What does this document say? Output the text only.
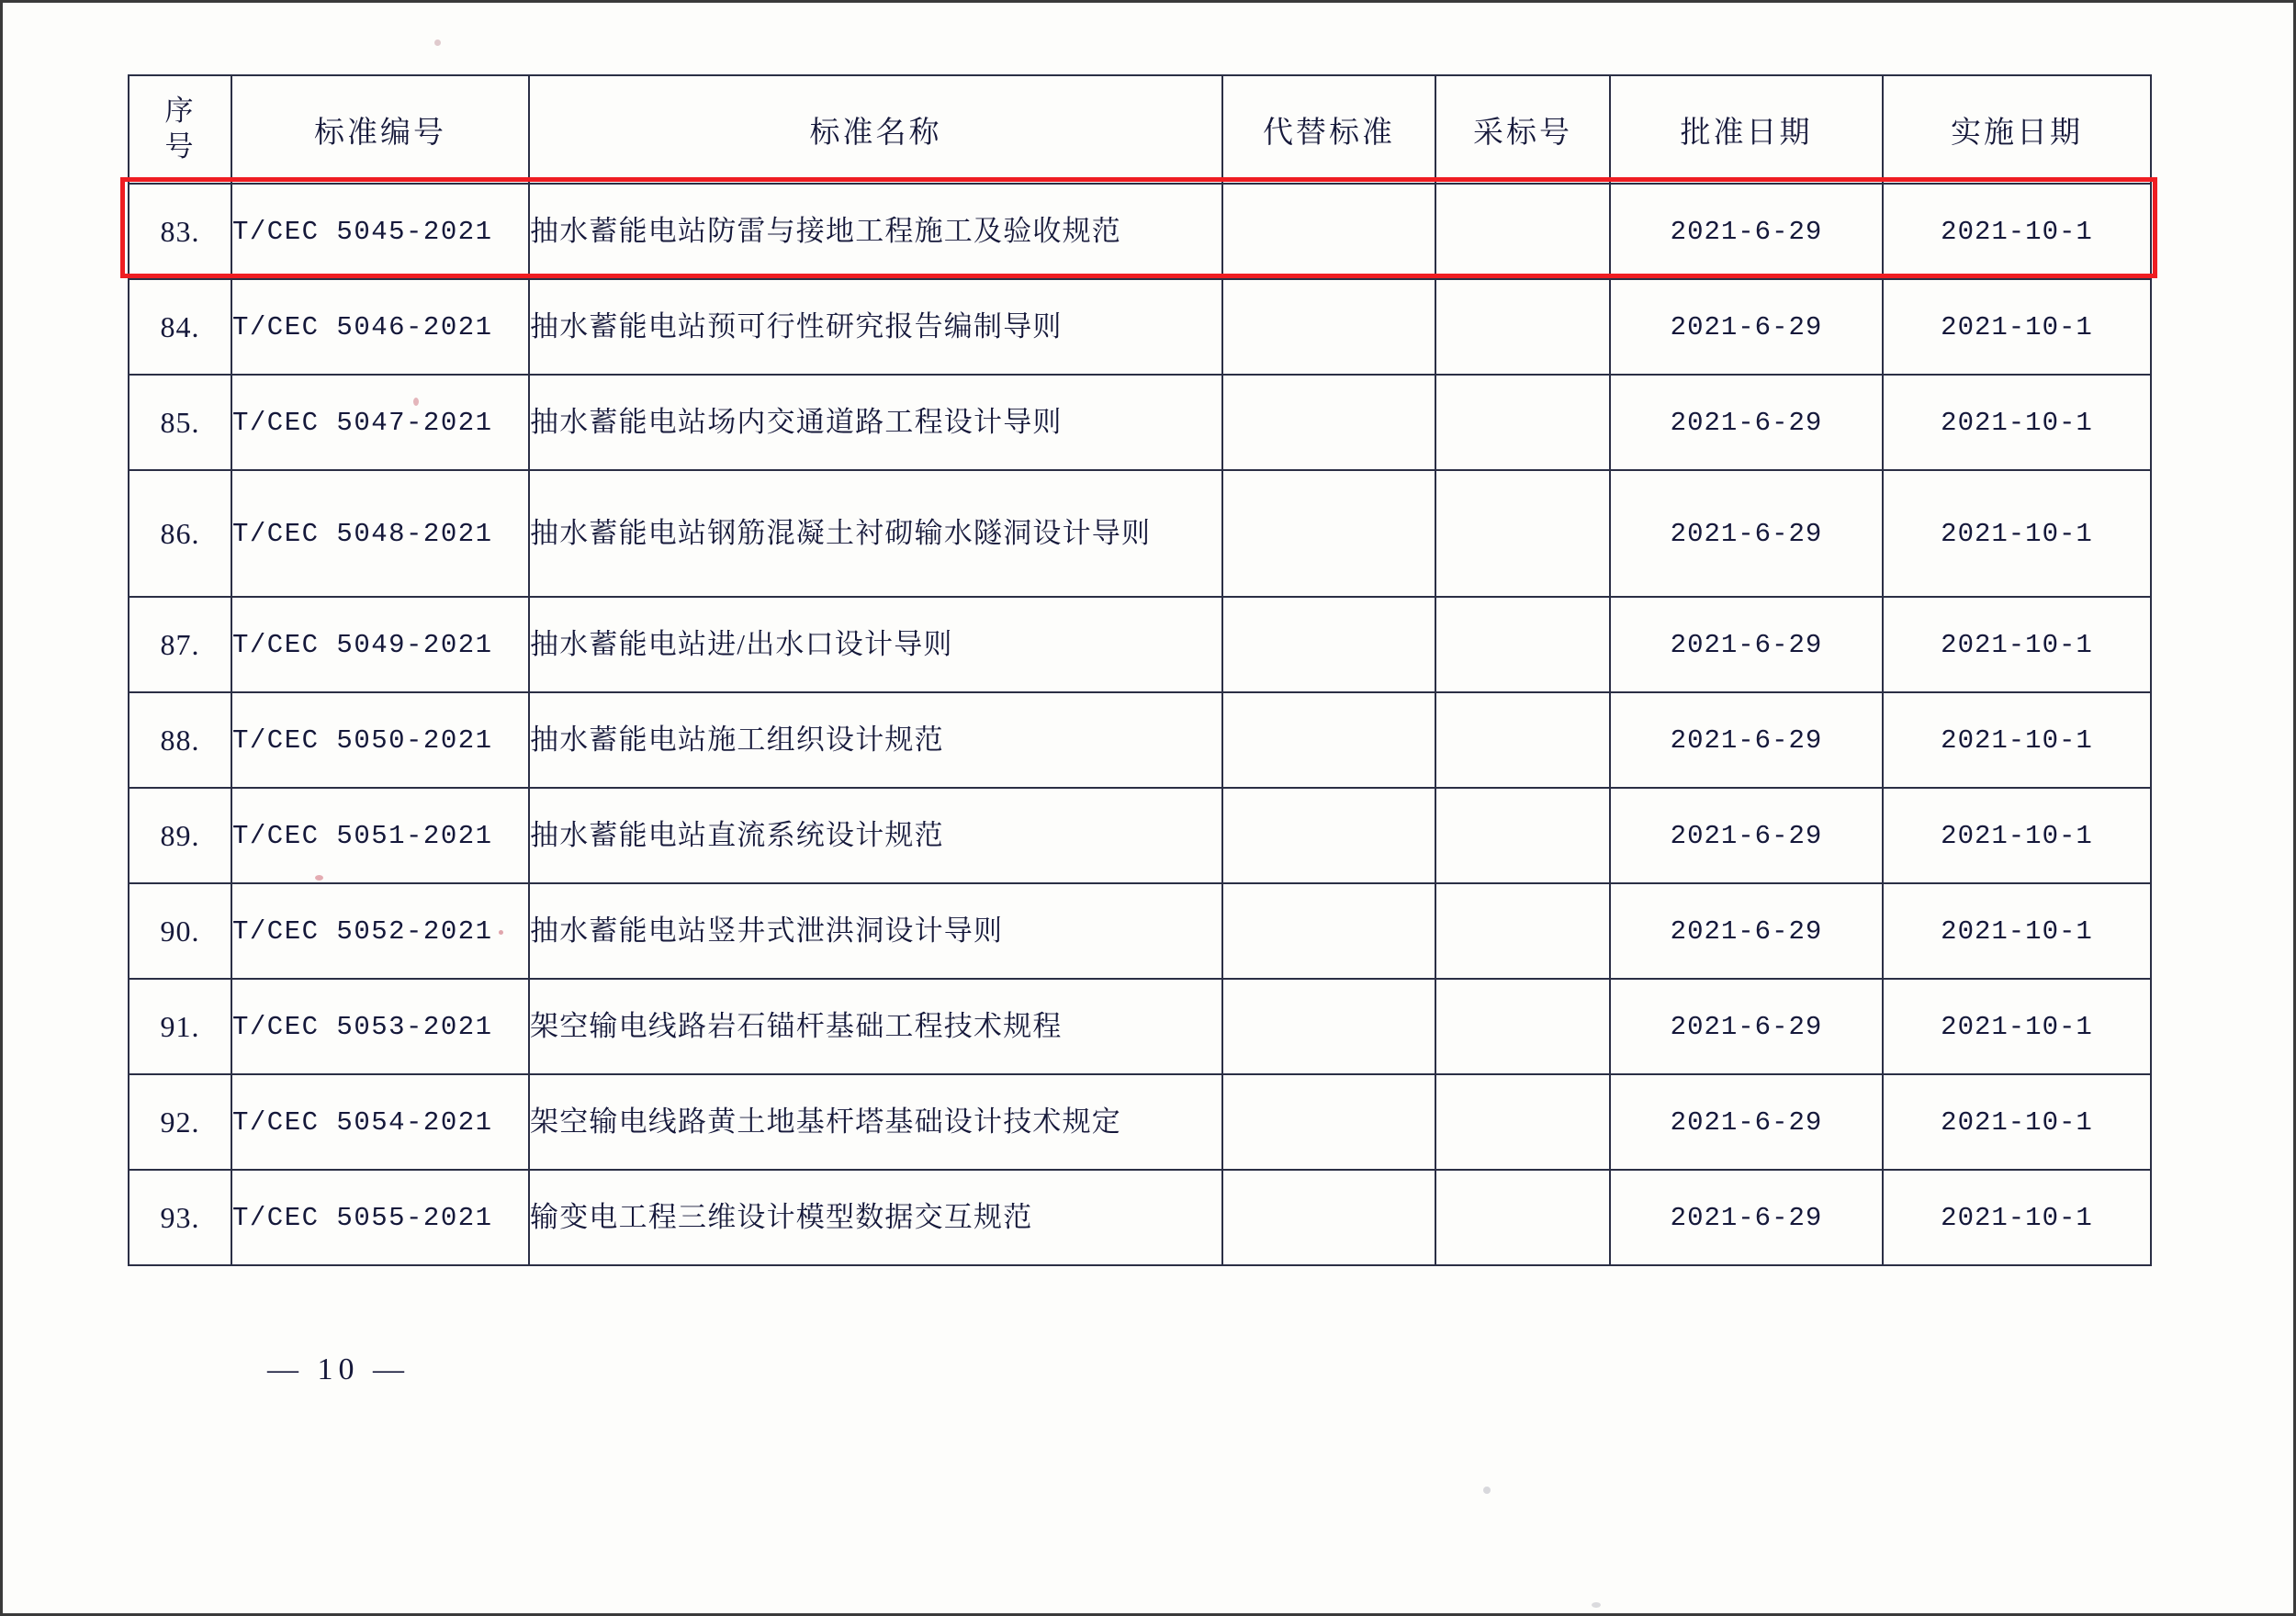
序
号	标准编号	标准名称	代替标准	采标号	批准日期	实施日期
83.	T/CEC 5045-2021	抽水蓄能电站防雷与接地工程施工及验收规范			2021-6-29	2021-10-1
84.	T/CEC 5046-2021	抽水蓄能电站预可行性研究报告编制导则			2021-6-29	2021-10-1
85.	T/CEC 5047-2021	抽水蓄能电站场内交通道路工程设计导则			2021-6-29	2021-10-1
86.	T/CEC 5048-2021	抽水蓄能电站钢筋混凝土衬砌输水隧洞设计导则			2021-6-29	2021-10-1
87.	T/CEC 5049-2021	抽水蓄能电站进/出水口设计导则			2021-6-29	2021-10-1
88.	T/CEC 5050-2021	抽水蓄能电站施工组织设计规范			2021-6-29	2021-10-1
89.	T/CEC 5051-2021	抽水蓄能电站直流系统设计规范			2021-6-29	2021-10-1
90.	T/CEC 5052-2021	抽水蓄能电站竖井式泄洪洞设计导则			2021-6-29	2021-10-1
91.	T/CEC 5053-2021	架空输电线路岩石锚杆基础工程技术规程			2021-6-29	2021-10-1
92.	T/CEC 5054-2021	架空输电线路黄土地基杆塔基础设计技术规定			2021-6-29	2021-10-1
93.	T/CEC 5055-2021	输变电工程三维设计模型数据交互规范			2021-6-29	2021-10-1
— 10 —
